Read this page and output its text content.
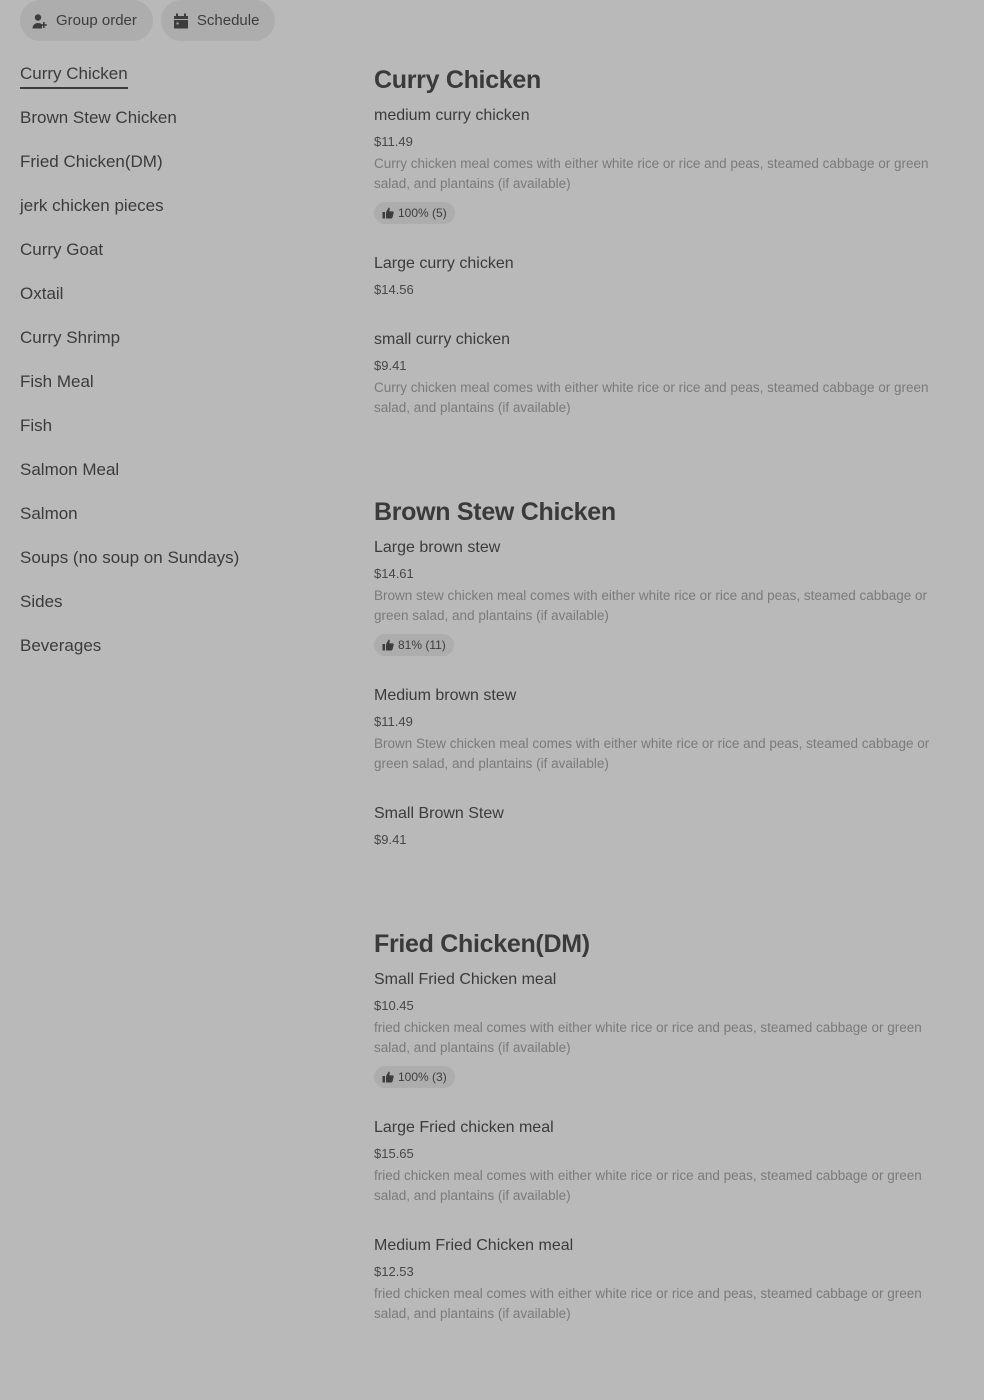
Group order	Schedule
Curry Chicken
Brown Stew Chicken
Fried Chicken(DM)
jerk chicken pieces
Curry Goat
Oxtail
Curry Shrimp
Fish Meal
Fish
Salmon Meal
Salmon
Soups (no soup on Sundays)
Sides
Beverages
Curry Chicken
medium curry chicken
$11.49
Curry chicken meal comes with either white rice or rice and peas, steamed cabbage or green salad, and plantains (if available)
100% (5)
Large curry chicken
$14.56
small curry chicken
$9.41
Curry chicken meal comes with either white rice or rice and peas, steamed cabbage or green salad, and plantains (if available)
Brown Stew Chicken
Large brown stew
$14.61
Brown stew chicken meal comes with either white rice or rice and peas, steamed cabbage or green salad, and plantains (if available)
81% (11)
Medium brown stew
$11.49
Brown Stew chicken meal comes with either white rice or rice and peas, steamed cabbage or green salad, and plantains (if available)
Small Brown Stew
$9.41
Fried Chicken(DM)
Small Fried Chicken meal
$10.45
fried chicken meal comes with either white rice or rice and peas, steamed cabbage or green salad, and plantains (if available)
100% (3)
Large Fried chicken meal
$15.65
fried chicken meal comes with either white rice or rice and peas, steamed cabbage or green salad, and plantains (if available)
Medium Fried Chicken meal
$12.53
fried chicken meal comes with either white rice or rice and peas, steamed cabbage or green salad, and plantains (if available)
